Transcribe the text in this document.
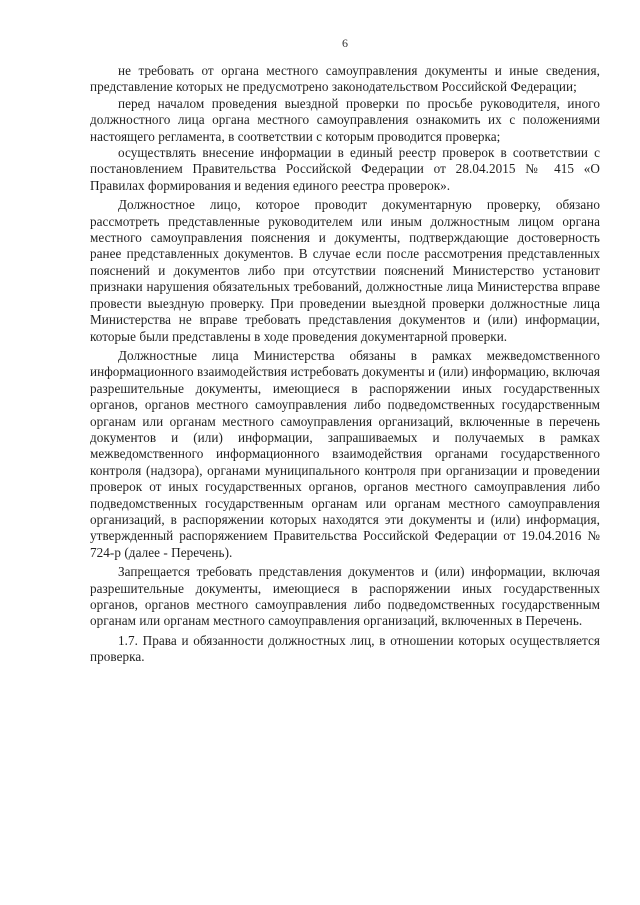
6

не требовать от органа местного самоуправления документы и иные сведения, представление которых не предусмотрено законодательством Российской Федерации;

перед началом проведения выездной проверки по просьбе руководителя, иного должностного лица органа местного самоуправления ознакомить их с положениями настоящего регламента, в соответствии с которым проводится проверка;

осуществлять внесение информации в единый реестр проверок в соответствии с постановлением Правительства Российской Федерации от 28.04.2015 № 415 «О Правилах формирования и ведения единого реестра проверок».

Должностное лицо, которое проводит документарную проверку, обязано рассмотреть представленные руководителем или иным должностным лицом органа местного самоуправления пояснения и документы, подтверждающие достоверность ранее представленных документов. В случае если после рассмотрения представленных пояснений и документов либо при отсутствии пояснений Министерство установит признаки нарушения обязательных требований, должностные лица Министерства вправе провести выездную проверку. При проведении выездной проверки должностные лица Министерства не вправе требовать представления документов и (или) информации, которые были представлены в ходе проведения документарной проверки.

Должностные лица Министерства обязаны в рамках межведомственного информационного взаимодействия истребовать документы и (или) информацию, включая разрешительные документы, имеющиеся в распоряжении иных государственных органов, органов местного самоуправления либо подведомственных государственным органам или органам местного самоуправления организаций, включенные в перечень документов и (или) информации, запрашиваемых и получаемых в рамках межведомственного информационного взаимодействия органами государственного контроля (надзора), органами муниципального контроля при организации и проведении проверок от иных государственных органов, органов местного самоуправления либо подведомственных государственным органам или органам местного самоуправления организаций, в распоряжении которых находятся эти документы и (или) информация, утвержденный распоряжением Правительства Российской Федерации от 19.04.2016 № 724-р (далее - Перечень).

Запрещается требовать представления документов и (или) информации, включая разрешительные документы, имеющиеся в распоряжении иных государственных органов, органов местного самоуправления либо подведомственных государственным органам или органам местного самоуправления организаций, включенных в Перечень.

1.7. Права и обязанности должностных лиц, в отношении которых осуществляется проверка.
